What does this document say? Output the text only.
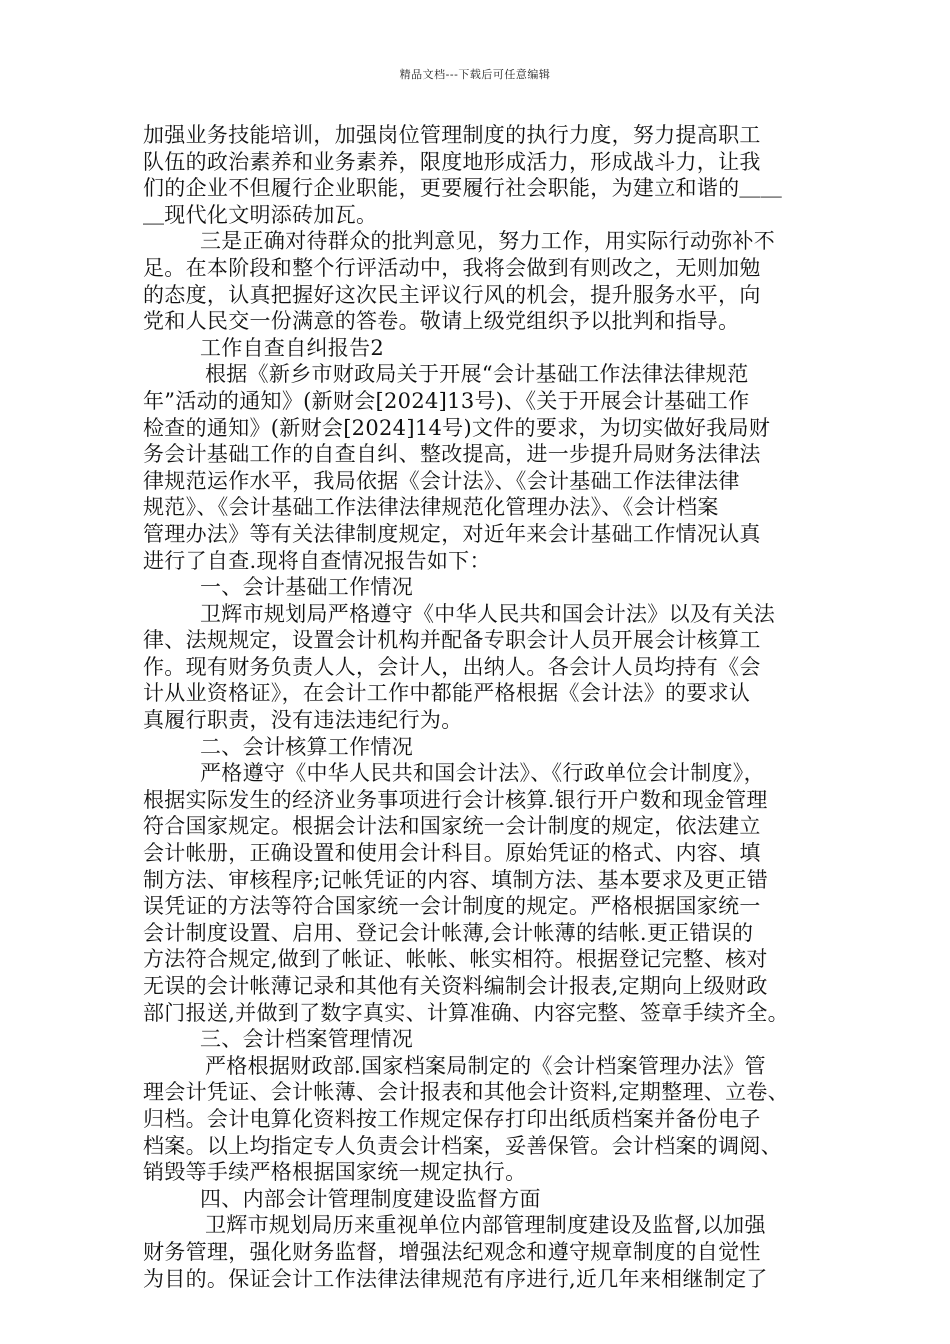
精品文档---下载后可任意编辑
加强业务技能培训，加强岗位管理制度的执行力度，努力提高职工
队伍的政治素养和业务素养，限度地形成活力，形成战斗力，让我
们的企业不但履行企业职能，更要履行社会职能，为建立和谐的＿＿
＿现代化文明添砖加瓦。
三是正确对待群众的批判意见，努力工作，用实际行动弥补不
足。在本阶段和整个行评活动中，我将会做到有则改之，无则加勉
的态度，认真把握好这次民主评议行风的机会，提升服务水平，向
党和人民交一份满意的答卷。敬请上级党组织予以批判和指导。
工作自查自纠报告2
根据《新乡市财政局关于开展“会计基础工作法律法律规范
年”活动的通知》(新财会[2024]13号)、《关于开展会计基础工作
检查的通知》(新财会[2024]14号)文件的要求，为切实做好我局财
务会计基础工作的自查自纠、整改提高，进一步提升局财务法律法
律规范运作水平，我局依据《会计法》、《会计基础工作法律法律
规范》、《会计基础工作法律法律规范化管理办法》、《会计档案
管理办法》等有关法律制度规定，对近年来会计基础工作情况认真
进行了自查.现将自查情况报告如下：
一、会计基础工作情况
卫辉市规划局严格遵守《中华人民共和国会计法》以及有关法
律、法规规定，设置会计机构并配备专职会计人员开展会计核算工
作。现有财务负责人人，会计人，出纳人。各会计人员均持有《会
计从业资格证》，在会计工作中都能严格根据《会计法》的要求认
真履行职责，没有违法违纪行为。
二、会计核算工作情况
严格遵守《中华人民共和国会计法》、《行政单位会计制度》，
根据实际发生的经济业务事项进行会计核算.银行开户数和现金管理
符合国家规定。根据会计法和国家统一会计制度的规定，依法建立
会计帐册，正确设置和使用会计科目。原始凭证的格式、内容、填
制方法、审核程序;记帐凭证的内容、填制方法、基本要求及更正错
误凭证的方法等符合国家统一会计制度的规定。严格根据国家统一
会计制度设置、启用、登记会计帐薄,会计帐薄的结帐.更正错误的
方法符合规定,做到了帐证、帐帐、帐实相符。根据登记完整、核对
无误的会计帐薄记录和其他有关资料编制会计报表,定期向上级财政
部门报送,并做到了数字真实、计算准确、内容完整、签章手续齐全。
三、会计档案管理情况
严格根据财政部.国家档案局制定的《会计档案管理办法》管
理会计凭证、会计帐薄、会计报表和其他会计资料,定期整理、立卷、
归档。会计电算化资料按工作规定保存打印出纸质档案并备份电子
档案。以上均指定专人负责会计档案，妥善保管。会计档案的调阅、
销毁等手续严格根据国家统一规定执行。
四、内部会计管理制度建设监督方面
卫辉市规划局历来重视单位内部管理制度建设及监督,以加强
财务管理，强化财务监督，增强法纪观念和遵守规章制度的自觉性
为目的。保证会计工作法律法律规范有序进行,近几年来相继制定了
